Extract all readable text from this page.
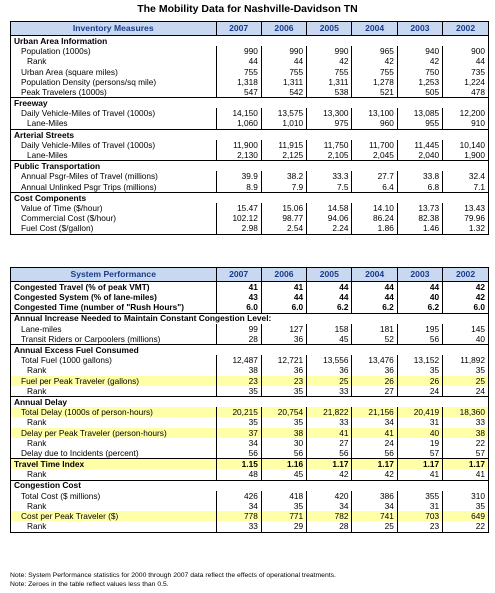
The Mobility Data for Nashville-Davidson TN
Inventory Measures	2007	2006	2005	2004	2003	2002
Urban Area Information						
Population (1000s)	990	990	990	965	940	900
Rank	44	44	42	42	42	44
Urban Area (square miles)	755	755	755	755	750	735
Population Density (persons/sq mile)	1,318	1,311	1,311	1,278	1,253	1,224
Peak Travelers (1000s)	547	542	538	521	505	478
Freeway						
Daily Vehicle-Miles of Travel (1000s)	14,150	13,575	13,300	13,100	13,085	12,200
Lane-Miles	1,060	1,010	975	960	955	910
Arterial Streets						
Daily Vehicle-Miles of Travel (1000s)	11,900	11,915	11,750	11,700	11,445	10,140
Lane-Miles	2,130	2,125	2,105	2,045	2,040	1,900
Public Transportation						
Annual Psgr-Miles of Travel (millions)	39.9	38.2	33.3	27.7	33.8	32.4
Annual Unlinked Psgr Trips (millions)	8.9	7.9	7.5	6.4	6.8	7.1
Cost Components						
Value of Time ($/hour)	15.47	15.06	14.58	14.10	13.73	13.43
Commercial Cost ($/hour)	102.12	98.77	94.06	86.24	82.38	79.96
Fuel Cost ($/gallon)	2.98	2.54	2.24	1.86	1.46	1.32
System Performance	2007	2006	2005	2004	2003	2002
Congested Travel (% of peak VMT)	41	41	44	44	44	42
Congested System (% of lane-miles)	43	44	44	44	40	42
Congested Time (number of "Rush Hours")	6.0	6.0	6.2	6.2	6.2	6.0
Annual Increase Needed to Maintain Constant Congestion Level:						
Lane-miles	99	127	158	181	195	145
Transit Riders or Carpoolers (millions)	28	36	45	52	56	40
Annual Excess Fuel Consumed						
Total Fuel (1000 gallons)	12,487	12,721	13,556	13,476	13,152	11,892
Rank	38	36	36	36	35	35
Fuel per Peak Traveler (gallons)	23	23	25	26	26	25
Rank	35	35	33	27	24	24
Annual Delay						
Total Delay (1000s of person-hours)	20,215	20,754	21,822	21,156	20,419	18,360
Rank	35	35	33	34	31	33
Delay per Peak Traveler (person-hours)	37	38	41	41	40	38
Rank	34	30	27	24	19	22
Delay due to Incidents (percent)	56	56	56	56	57	57
Travel Time Index	1.15	1.16	1.17	1.17	1.17	1.17
Rank	48	45	42	42	41	41
Congestion Cost						
Total Cost ($ millions)	426	418	420	386	355	310
Rank	34	35	34	34	31	35
Cost per Peak Traveler ($)	778	771	782	741	703	649
Rank	33	29	28	25	23	22
Note: System Performance statistics for 2000 through 2007 data reflect the effects of operational treatments.
Note: Zeroes in the table reflect values less than 0.5.
